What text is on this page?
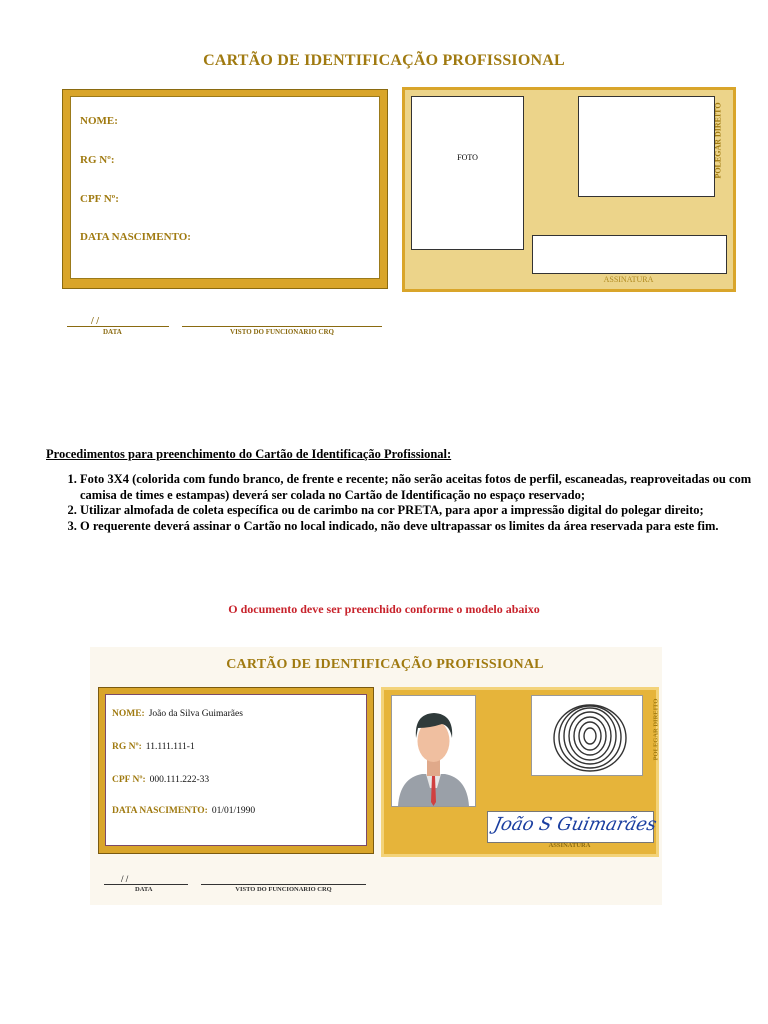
CARTÃO DE IDENTIFICAÇÃO PROFISSIONAL
NOME:
RG Nº:
CPF Nº:
DATA NASCIMENTO:
FOTO	POLEGAR DIREITO
ASSINATURA
/ /
DATA	VISTO DO FUNCIONARIO CRQ
Procedimentos para preenchimento do Cartão de Identificação Profissional:
1. Foto 3X4 (colorida com fundo branco, de frente e recente; não serão aceitas fotos de perfil, escaneadas, reaproveitadas ou com camisa de times e estampas) deverá ser colada no Cartão de Identificação no espaço reservado;
2. Utilizar almofada de coleta específica ou de carimbo na cor PRETA, para apor a impressão digital do polegar direito;
3. O requerente deverá assinar o Cartão no local indicado, não deve ultrapassar os limites da área reservada para este fim.
O documento deve ser preenchido conforme o modelo abaixo
CARTÃO DE IDENTIFICAÇÃO PROFISSIONAL
NOME: João da Silva Guimarães
RG Nº: 11.111.111-1
CPF Nº: 000.111.222-33
DATA NASCIMENTO: 01/01/1990
POLEGAR DIREITO
João S Guimarães
ASSINATURA
/ /
DATA	VISTO DO FUNCIONARIO CRQ
